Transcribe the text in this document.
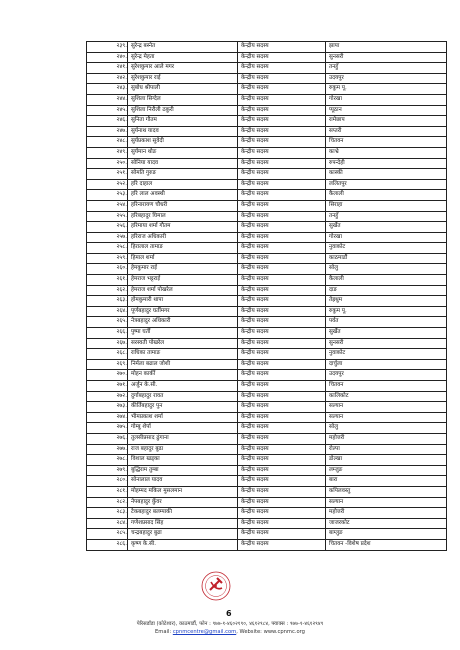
२३९.	सुरेन्द्र बस्नेत	केन्द्रीय सदस्य	झापा
२४०.	सुरेन्द्र मेहता	केन्द्रीय सदस्य	सुनसरी
२४१.	सुरेशकुमार आले मगर	केन्द्रीय सदस्य	तनहुँ
२४२.	सुरेशकुमार राई	केन्द्रीय सदस्य	उदयपुर
२४३.	सुबोध श्रीपाली	केन्द्रीय सदस्य	रुकुम पू.
२४४.	सुशिला सिग्देल	केन्द्रीय सदस्य	गोरखा
२४५.	सुशिला निरौली ठकुरी	केन्द्रीय सदस्य	प्यूठान
२४६.	सुनिता गौतम	केन्द्रीय सदस्य	रामेछाप
२४७.	सुर्यनाथ यादव	केन्द्रीय सदस्य	सप्तरी
२४८.	सुर्यप्रकाश सुवेदी	केन्द्रीय सदस्य	चितवन
२४९.	सुर्यमान थोङ	केन्द्रीय सदस्य	काभ्रे
२५०.	सोनिया यादव	केन्द्रीय सदस्य	रुपन्देही
२५१.	सोमति गुरुङ	केन्द्रीय सदस्य	कास्की
२५२.	हरि दाहाल	केन्द्रीय सदस्य	ललितपुर
२५३.	हरि लाल अवस्थी	केन्द्रीय सदस्य	कैलाली
२५४.	हरिनारायण चौधरी	केन्द्रीय सदस्य	सिराहा
२५५.	हरिबहादुर घिमाल	केन्द्रीय सदस्य	तनहुँ
२५६.	हरिमाया शर्मा गौतम	केन्द्रीय सदस्य	सुर्खेत
२५७.	हरिराज अधिकारी	केन्द्रीय सदस्य	गोरखा
२५८.	हिरालाल तामाङ	केन्द्रीय सदस्य	नुवाकोट
२५९.	हिमाल शर्मा	केन्द्रीय सदस्य	काठमाडौं
२६०.	हेमकुमार राई	केन्द्रीय सदस्य	सोलु
२६१.	हेमराज भट्टराई	केन्द्रीय सदस्य	कैलाली
२६२.	हेमराज शर्मा पोखरेल	केन्द्रीय सदस्य	दाङ
२६३.	होमकुमारी थापा	केन्द्रीय सदस्य	तेह्रथुम
२६४.	पूर्णबहादुर घर्तीमगर	केन्द्रीय सदस्य	रुकुम पू.
२६५.	नेत्रबहादुर अधिकारी	केन्द्रीय सदस्य	पर्वत
२६६.	पुष्पा घर्ती	केन्द्रीय सदस्य	सुर्खेत
२६७.	सरस्वती पोखरेल	केन्द्रीय सदस्य	सुनसरी
२६८.	राधिका तामाङ	केन्द्रीय सदस्य	नुवाकोट
२६९.	निर्मला बढाल जोशी	केन्द्रीय सदस्य	दार्चुला
२७०.	मोहन कार्की	केन्द्रीय सदस्य	उदयपुर
२७१.	अर्जुन के.सी.	केन्द्रीय सदस्य	चितवन
२७२.	दुर्गाबहादुर रावत	केन्द्रीय सदस्य	कालिकोट
२७३.	कीर्तिबहादुर पुन	केन्द्रीय सदस्य	सल्यान
२७४.	भीमप्रकाश शर्मा	केन्द्रीय सदस्य	सल्यान
२७५.	गोम्बु शेर्पा	केन्द्रीय सदस्य	सोलु
२७६.	तुलसीप्रसाद ढुंगाना	केन्द्रीय सदस्य	महोत्तरी
२७७.	राज बहादुर बुढा	केन्द्रीय सदस्य	रोल्पा
२७८.	विशाल खड्का	केन्द्रीय सदस्य	डोल्खा
२७९.	बुद्धिराम तुम्बा	केन्द्रीय सदस्य	लम्जुङ
२८०.	सोनालाल यादव	केन्द्रीय सदस्य	बारा
२८१.	मोहम्मद मकिल मुसलमान	केन्द्रीय सदस्य	कपिलवस्तु
२८२.	नेपबहादुर कुँवर	केन्द्रीय सदस्य	सल्यान
२८३.	टेकबहादुर बलम्पाकी	केन्द्रीय सदस्य	महोत्तरी
२८४.	गणेशप्रसाद सिंह	केन्द्रीय सदस्य	जाजरकोट
२८५.	चन्द्रबहादुर बुढा	केन्द्रीय सदस्य	बाग्लुङ
२८६.	कृष्ण के.सी.	केन्द्रीय सदस्य	चितवन -विशेष प्रदेश
6
पेरिसडाँडा (कोटेश्वर), काठमाडौं, फोन : ९७७-१-४६०२१९०, ४६१२९८४, फ्याक्स : ९७७-१-४६१२९४९
Email: cpnmcentre@gmail.com, Website: www.cpnmc.org
